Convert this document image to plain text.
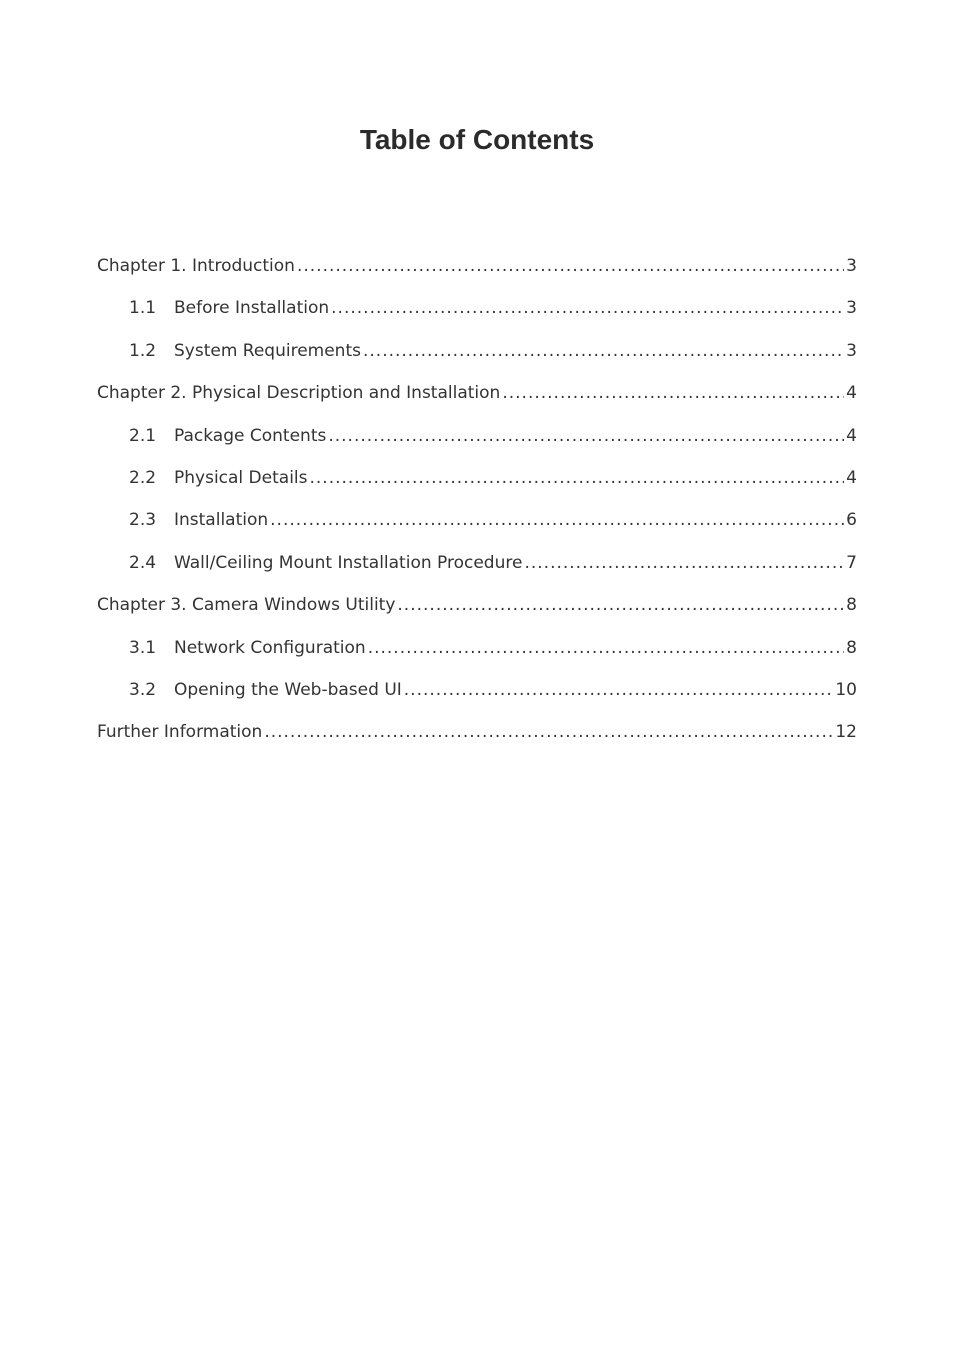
Table of Contents
Chapter 1. Introduction .....	3
1.1	Before Installation .....	3
1.2	System Requirements .....	3
Chapter 2. Physical Description and Installation .....	4
2.1	Package Contents .....	4
2.2	Physical Details .....	4
2.3	Installation .....	6
2.4	Wall/Ceiling Mount Installation Procedure .....	7
Chapter 3. Camera Windows Utility .....	8
3.1	Network Configuration .....	8
3.2	Opening the Web-based UI .....	10
Further Information .....	12
